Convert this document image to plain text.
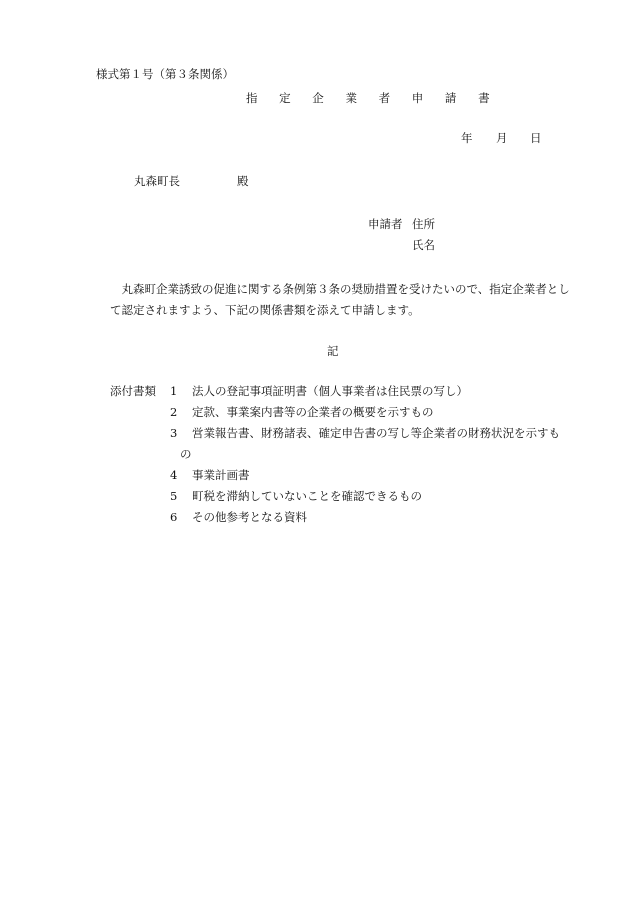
様式第１号（第３条関係）
指 定 企 業 者 申 請 書
年 月 日
丸森町長	殿
申請者 住所
氏名
丸森町企業誘致の促進に関する条例第３条の奨励措置を受けたいので、指定企業者として認定されますよう、下記の関係書類を添えて申請します。
記
添付書類 1 法人の登記事項証明書（個人事業者は住民票の写し）
2 定款、事業案内書等の企業者の概要を示すもの
3 営業報告書、財務諸表、確定申告書の写し等企業者の財務状況を示すも
の
4 事業計画書
5 町税を滞納していないことを確認できるもの
6 その他参考となる資料
